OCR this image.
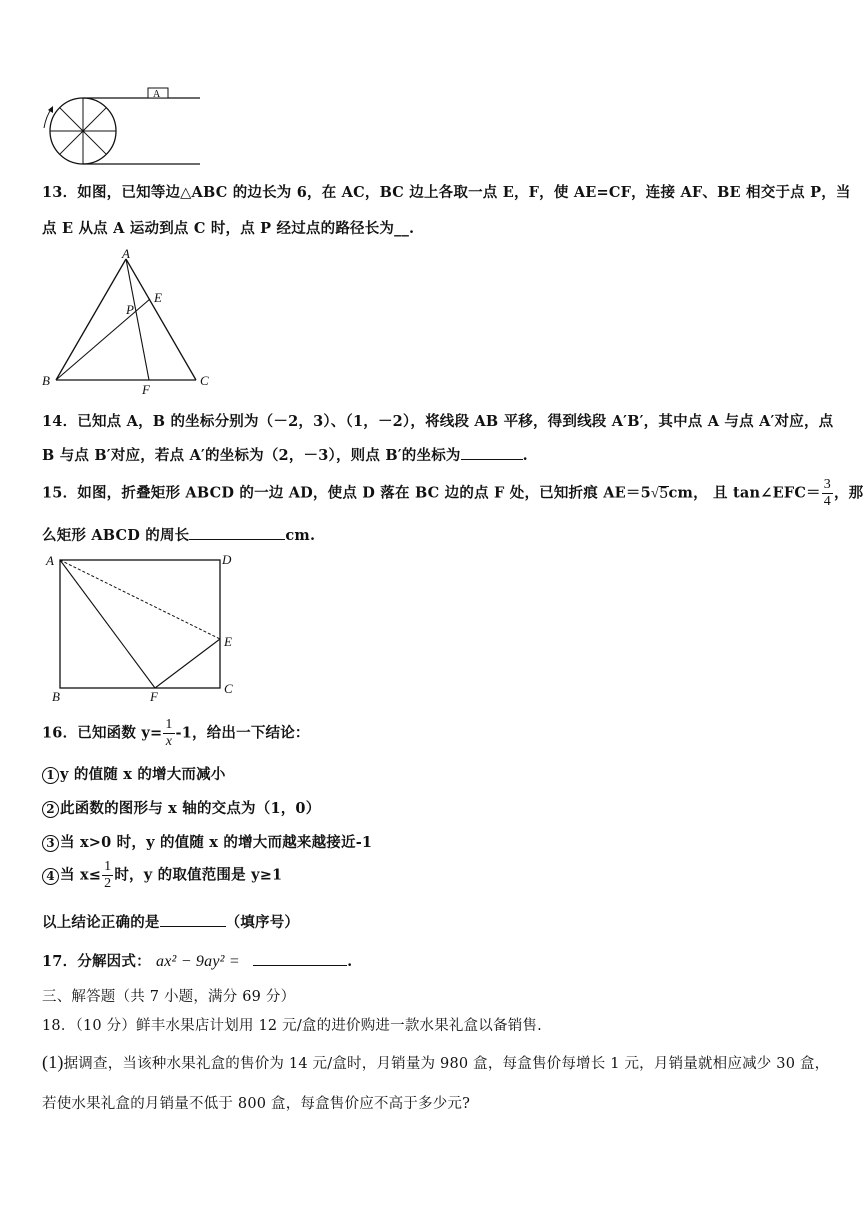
A
13．如图，已知等边△ABC 的边长为 6，在 AC，BC 边上各取一点 E，F，使 AE=CF，连接 AF、BE 相交于点 P，当
点 E 从点 A 运动到点 C 时，点 P 经过点的路径长为__.
A
B	C
E
F
P
14．已知点 A，B 的坐标分别为（－2，3）、（1，－2），将线段 AB 平移，得到线段 A′B′，其中点 A 与点 A′对应，点
B 与点 B′对应，若点 A′的坐标为（2，－3），则点 B′的坐标为	.
15．如图，折叠矩形 ABCD 的一边 AD，使点 D 落在 BC 边的点 F 处，已知折痕 AE＝5√5cm， 且 tan∠EFC＝ $\frac{3}{4}$ ，那
么矩形 ABCD 的周长	cm.
A	D
E
B	F
C
16．已知函数 $y= \frac{1}{x} -1$，给出一下结论：
1 y 的值随 x 的增大而减小
2 此函数的图形与 x 轴的交点为（1，0）
3 当 x>0 时，y 的值随 x 的增大而越来越接近-1
4 当 $x\le \frac{1}{2}$ 时，y 的取值范围是 y≥1
以上结论正确的是	（填序号）
17．分解因式： ax² − 9ay² =	.
三、解答题（共 7 小题，满分 69 分）
18．（10 分）鲜丰水果店计划用 12 元/盒的进价购进一款水果礼盒以备销售.
(1)据调查，当该种水果礼盒的售价为 14 元/盒时，月销量为 980 盒，每盒售价每增长 1 元，月销量就相应减少 30 盒，
若使水果礼盒的月销量不低于 800 盒，每盒售价应不高于多少元?
